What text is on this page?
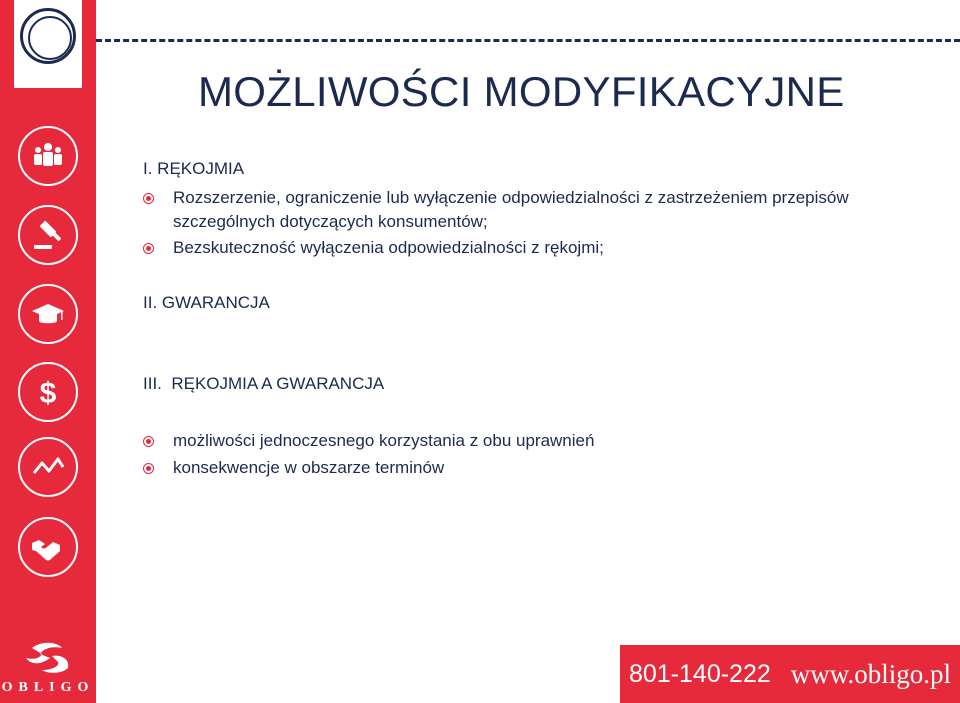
$
OBLIGO
MOŻLIWOŚCI MODYFIKACYJNE
I. RĘKOJMIA
Rozszerzenie, ograniczenie lub wyłączenie odpowiedzialności z zastrzeżeniem przepisów szczególnych dotyczących konsumentów;
Bezskuteczność wyłączenia odpowiedzialności z rękojmi;
II. GWARANCJA
III.  RĘKOJMIA A GWARANCJA
możliwości jednoczesnego korzystania z obu uprawnień
konsekwencje w obszarze terminów
801-140-222 www.obligo.pl
